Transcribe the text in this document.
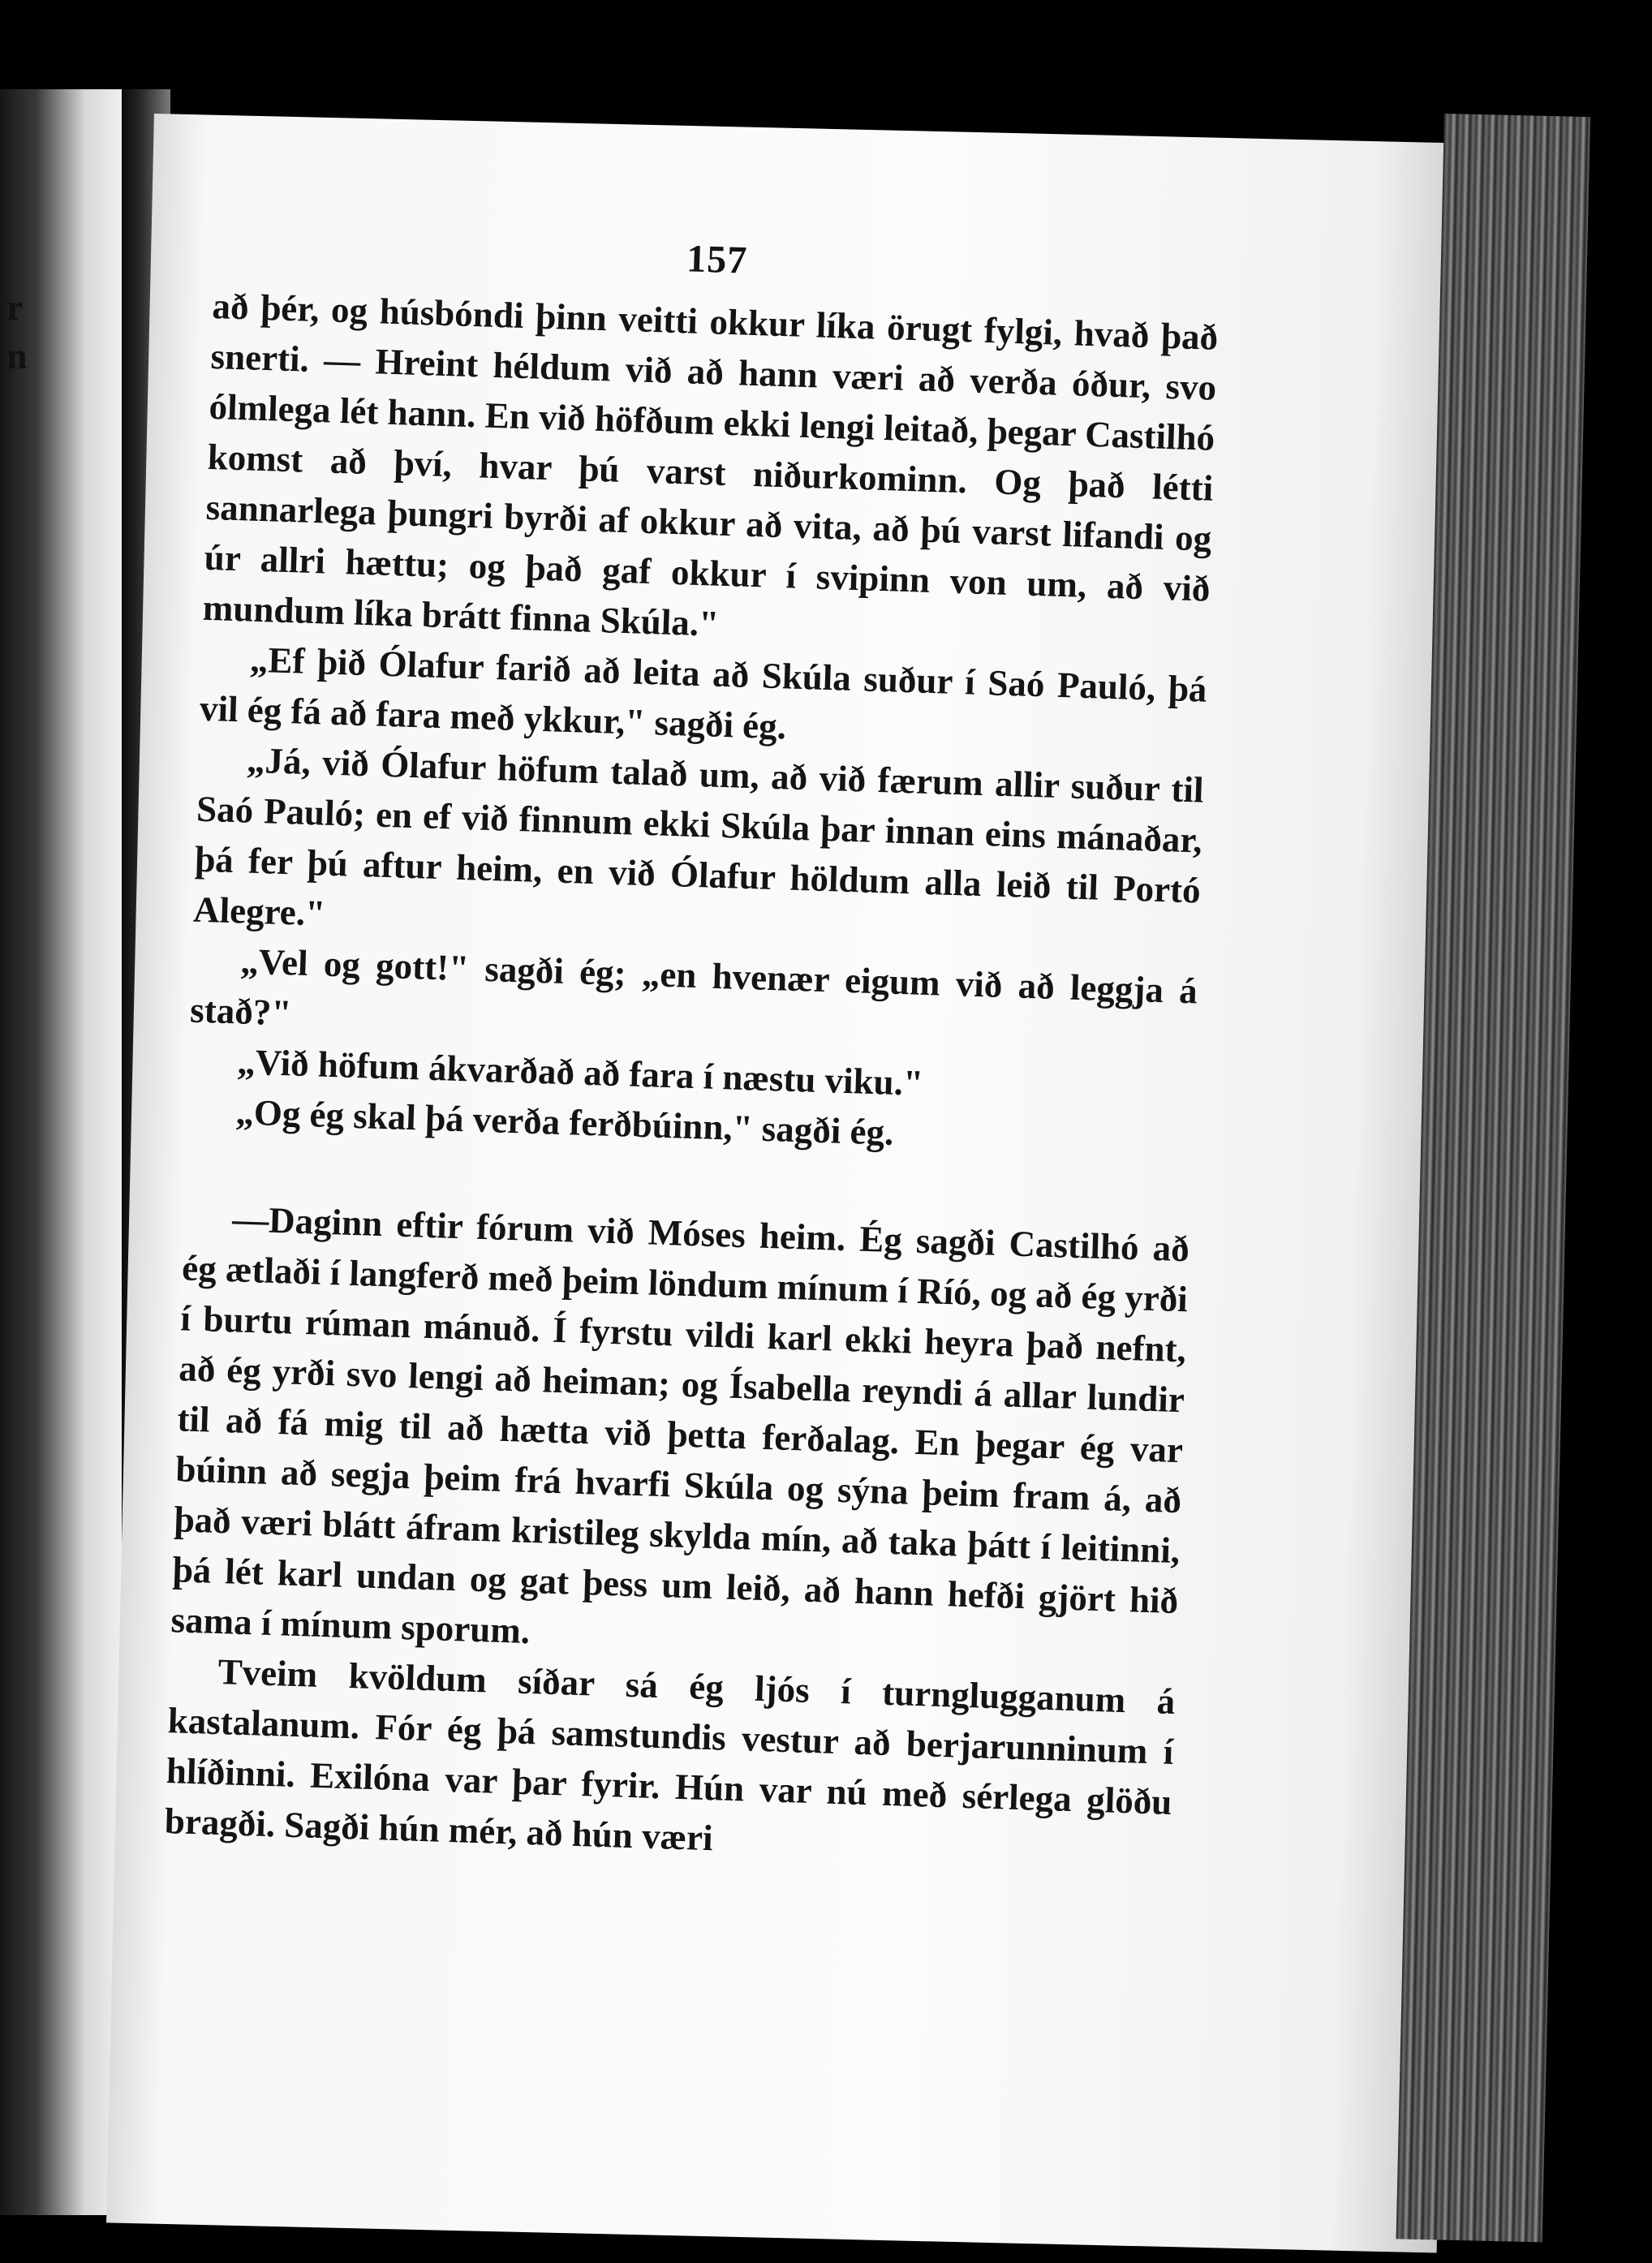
r
n
157

að þér, og húsbóndi þinn veitti okkur líka örugt fylgi, hvað það snerti. — Hreint héldum við að hann væri að verða óður, svo ólmlega lét hann. En við höfðum ekki lengi leitað, þegar Castilhó komst að því, hvar þú varst niðurkominn. Og það létti sannarlega þungri byrði af okkur að vita, að þú varst lifandi og úr allri hættu; og það gaf okkur í svipinn von um, að við mundum líka brátt finna Skúla."

„Ef þið Ólafur farið að leita að Skúla suður í Saó Pauló, þá vil ég fá að fara með ykkur," sagði ég.

„Já, við Ólafur höfum talað um, að við færum allir suður til Saó Pauló; en ef við finnum ekki Skúla þar innan eins mánaðar, þá fer þú aftur heim, en við Ólafur höldum alla leið til Portó Alegre."

„Vel og gott!" sagði ég; „en hvenær eigum við að leggja á stað?"

„Við höfum ákvarðað að fara í næstu viku."

„Og ég skal þá verða ferðbúinn," sagði ég.

—Daginn eftir fórum við Móses heim. Ég sagði Castilhó að ég ætlaði í langferð með þeim löndum mínum í Ríó, og að ég yrði í burtu rúman mánuð. Í fyrstu vildi karl ekki heyra það nefnt, að ég yrði svo lengi að heiman; og Ísabella reyndi á allar lundir til að fá mig til að hætta við þetta ferðalag. En þegar ég var búinn að segja þeim frá hvarfi Skúla og sýna þeim fram á, að það væri blátt áfram kristileg skylda mín, að taka þátt í leitinni, þá lét karl undan og gat þess um leið, að hann hefði gjört hið sama í mínum sporum.

Tveim kvöldum síðar sá ég ljós í turnglugganum á kastalanum. Fór ég þá samstundis vestur að berjarunninum í hlíðinni. Exilóna var þar fyrir. Hún var nú með sérlega glöðu bragði. Sagði hún mér, að hún væri
